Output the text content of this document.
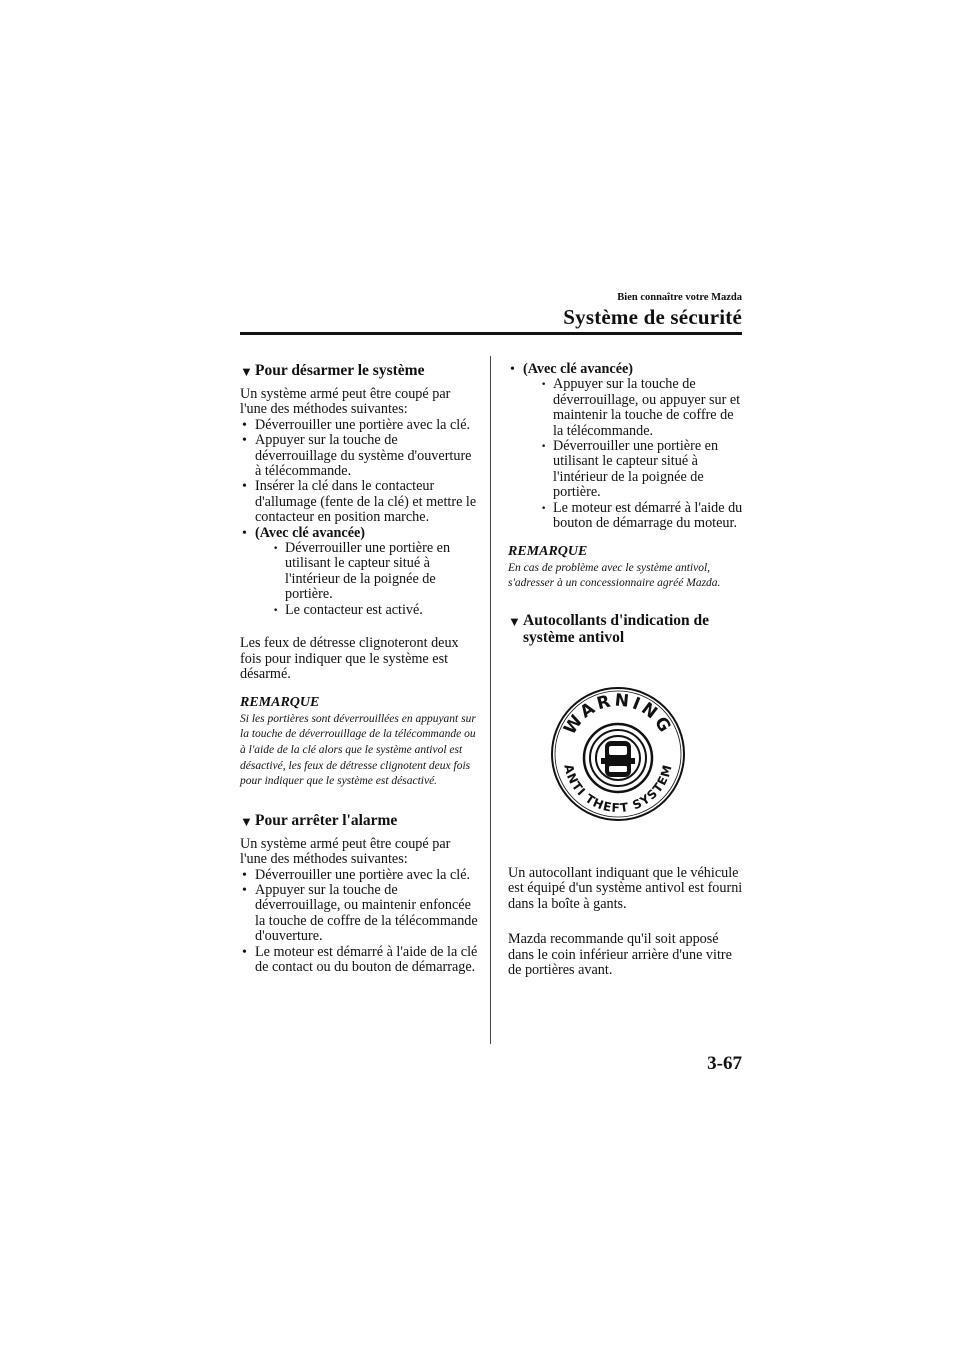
Bien connaître votre Mazda
Système de sécurité
▼ Pour désarmer le système

Un système armé peut être coupé par l'une des méthodes suivantes:

• Déverrouiller une portière avec la clé.
• Appuyer sur la touche de déverrouillage du système d'ouverture à télécommande.
• Insérer la clé dans le contacteur d'allumage (fente de la clé) et mettre le contacteur en position marche.
• (Avec clé avancée)
· Déverrouiller une portière en utilisant le capteur situé à l'intérieur de la poignée de portière.
· Le contacteur est activé.

Les feux de détresse clignoteront deux fois pour indiquer que le système est désarmé.

REMARQUE
Si les portières sont déverrouillées en appuyant sur la touche de déverrouillage de la télécommande ou à l'aide de la clé alors que le système antivol est désactivé, les feux de détresse clignotent deux fois pour indiquer que le système est désactivé.
▼ Pour arrêter l'alarme

Un système armé peut être coupé par l'une des méthodes suivantes:

• Déverrouiller une portière avec la clé.
• Appuyer sur la touche de déverrouillage, ou maintenir enfoncée la touche de coffre de la télécommande d'ouverture.
• Le moteur est démarré à l'aide de la clé de contact ou du bouton de démarrage.
• (Avec clé avancée)
· Appuyer sur la touche de déverrouillage, ou appuyer sur et maintenir la touche de coffre de la télécommande.
· Déverrouiller une portière en utilisant le capteur situé à l'intérieur de la poignée de portière.
· Le moteur est démarré à l'aide du bouton de démarrage du moteur.
REMARQUE
En cas de problème avec le système antivol, s'adresser à un concessionnaire agréé Mazda.
▼ Autocollants d'indication de système antivol
WARNING
ANTI THEFT SYSTEM

Un autocollant indiquant que le véhicule est équipé d'un système antivol est fourni dans la boîte à gants.

Mazda recommande qu'il soit apposé dans le coin inférieur arrière d'une vitre de portières avant.

3-67
